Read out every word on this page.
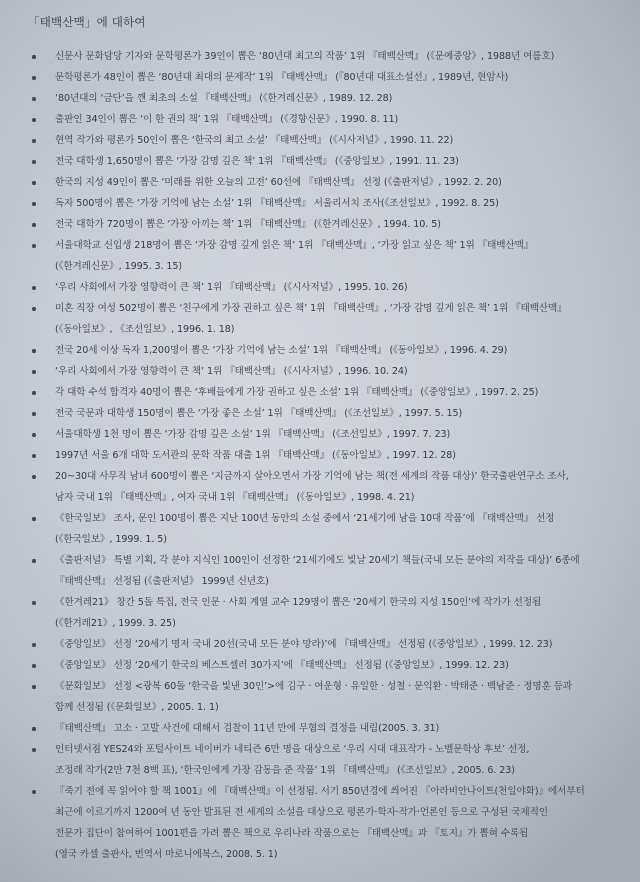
「태백산맥」에 대하여
신문사 문화담당 기자와 문학평론가 39인이 뽑은 ‘80년대 최고의 작품’ 1위 『태백산맥』 (《문예중앙》, 1988년 여름호)
문학평론가 48인이 뽑은 ‘80년대 최대의 문제작’ 1위 『태백산맥』 (『80년대 대표소설선』, 1989년, 현암사)
‘80년대의 ‘금단’을 깬 최초의 소설 『태백산맥』 (《한겨레신문》, 1989. 12. 28)
출판인 34인이 뽑은 ‘이 한 권의 책’ 1위 『태백산맥』 (《경향신문》, 1990. 8. 11)
현역 작가와 평론가 50인이 뽑은 ‘한국의 최고 소설’ 『태백산맥』 (《시사저널》, 1990. 11. 22)
전국 대학생 1,650명이 뽑은 ‘가장 감명 깊은 책’ 1위 『태백산맥』 (《중앙일보》, 1991. 11. 23)
한국의 지성 49인이 뽑은 ‘미래를 위한 오늘의 고전’ 60선에 『태백산맥』 선정 (《출판저널》, 1992. 2. 20)
독자 500명이 뽑은 ‘가장 기억에 남는 소설’ 1위 『태백산맥』 서울리서치 조사(《조선일보》, 1992. 8. 25)
전국 대학가 720명이 뽑은 ‘가장 아끼는 책’ 1위 『태백산맥』 (《한겨레신문》, 1994. 10. 5)
서울대학교 신입생 218명이 뽑은 ‘가장 감명 깊게 읽은 책’ 1위 『태백산맥』, ‘가장 읽고 싶은 책’ 1위 『태백산맥』
(《한겨레신문》, 1995. 3. 15)
‘우리 사회에서 가장 영향력이 큰 책’ 1위 『태백산맥』 (《시사저널》, 1995. 10. 26)
미혼 직장 여성 502명이 뽑은 ‘친구에게 가장 권하고 싶은 책’ 1위 『태백산맥』, ‘가장 감명 깊게 읽은 책’ 1위 『태백산맥』
(《동아일보》, 《조선일보》, 1996. 1. 18)
전국 20세 이상 독자 1,200명이 뽑은 ‘가장 기억에 남는 소설’ 1위 『태백산맥』 (《동아일보》, 1996. 4. 29)
‘우리 사회에서 가장 영향력이 큰 책’ 1위 『태백산맥』 (《시사저널》, 1996. 10. 24)
각 대학 수석 합격자 40명이 뽑은 ‘후배들에게 가장 권하고 싶은 소설’ 1위 『태백산맥』 (《중앙일보》, 1997. 2. 25)
전국 국문과 대학생 150명이 뽑은 ‘가장 좋은 소설’ 1위 『태백산맥』 (《조선일보》, 1997. 5. 15)
서울대학생 1천 명이 뽑은 ‘가장 감명 깊은 소설’ 1위 『태백산맥』 (《조선일보》, 1997. 7. 23)
1997년 서울 6개 대학 도서관의 문학 작품 대출 1위 『태백산맥』 (《동아일보》, 1997. 12. 28)
20~30대 사무직 남녀 600명이 뽑은 ‘지금까지 살아오면서 가장 기억에 남는 책(전 세계의 작품 대상)’ 한국출판연구소 조사,
남자 국내 1위 『태백산맥』, 여자 국내 1위 『태백산맥』 (《동아일보》, 1998. 4. 21)
《한국일보》 조사, 문인 100명이 뽑은 지난 100년 동안의 소설 중에서 ‘21세기에 남을 10대 작품’에 『태백산맥』 선정
(《한국일보》, 1999. 1. 5)
《출판저널》 특별 기획, 각 분야 지식인 100인이 선정한 ‘21세기에도 빛날 20세기 책들(국내 모든 분야의 저작을 대상)’ 6종에
『태백산맥』 선정됨 (《출판저널》 1999년 신년호)
《한겨레21》 창간 5돌 특집, 전국 인문 · 사회 계열 교수 129명이 뽑은 ‘20세기 한국의 지성 150인’에 작가가 선정됨
(《한겨레21》, 1999. 3. 25)
《중앙일보》 선정 ‘20세기 명저 국내 20선(국내 모든 분야 망라)’에 『태백산맥』 선정됨 (《중앙일보》, 1999. 12. 23)
《중앙일보》 선정 ‘20세기 한국의 베스트셀러 30가지’에 『태백산맥』 선정됨 (《중앙일보》, 1999. 12. 23)
《문화일보》 선정 <광복 60돌 ‘한국을 빛낸 30인’>에 김구 · 여운형 · 유일한 · 성철 · 문익환 · 박태준 · 백남준 · 정명훈 등과
함께 선정됨 (《문화일보》, 2005. 1. 1)
『태백산맥』 고소 · 고발 사건에 대해서 검찰이 11년 만에 무혐의 결정을 내림(2005. 3. 31)
인터넷서점 YES24와 포털사이트 네이버가 네티즌 6만 명을 대상으로 ‘우리 시대 대표작가 - 노벨문학상 후보’ 선정,
조정래 작가(2만 7천 8백 표), ‘한국인에게 가장 감동을 준 작품’ 1위 『태백산맥』 (《조선일보》, 2005. 6. 23)
『죽기 전에 꼭 읽어야 할 책 1001』에 『태백산맥』이 선정됨. 서기 850년경에 씌어진 『아라비안나이트(천일야화)』에서부터
최근에 이르기까지 1200여 년 동안 발표된 전 세계의 소설을 대상으로 평론가·학자·작가·언론인 등으로 구성된 국제적인
전문가 집단이 참여하여 1001편을 가려 뽑은 책으로 우리나라 작품으로는 『태백산맥』과 『토지』가 뽑혀 수록됨
(영국 카셀 출판사, 번역서 마로니에북스, 2008. 5. 1)
